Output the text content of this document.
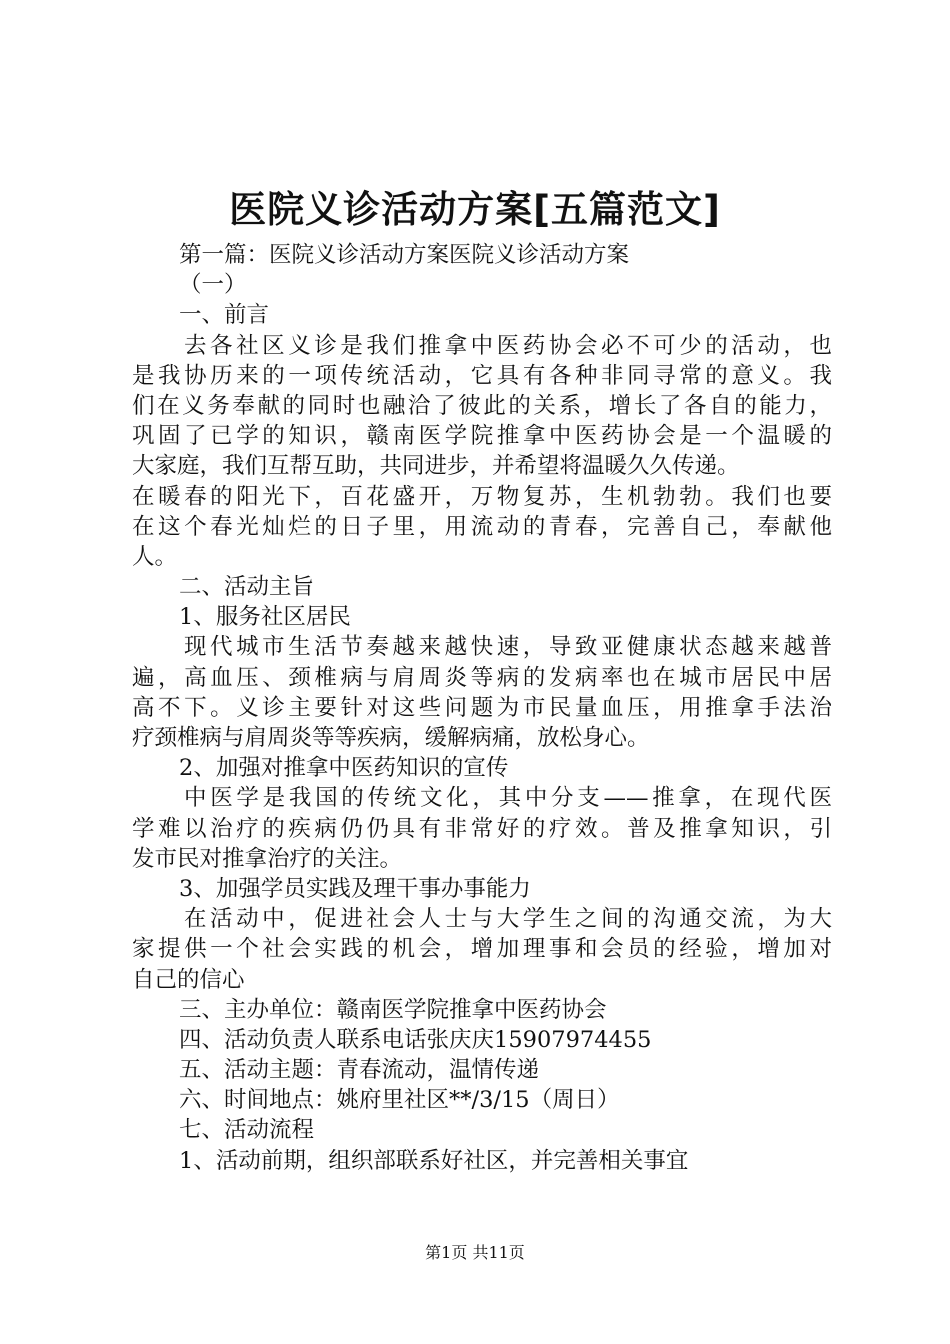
医院义诊活动方案[五篇范文]
第一篇：医院义诊活动方案医院义诊活动方案
（一）
一、前言
去各社区义诊是我们推拿中医药协会必不可少的活动，也
是我协历来的一项传统活动，它具有各种非同寻常的意义。我
们在义务奉献的同时也融洽了彼此的关系，增长了各自的能力，
巩固了已学的知识，赣南医学院推拿中医药协会是一个温暖的
大家庭，我们互帮互助，共同进步，并希望将温暖久久传递。
在暖春的阳光下，百花盛开，万物复苏，生机勃勃。我们也要
在这个春光灿烂的日子里，用流动的青春，完善自己，奉献他
人。
二、活动主旨
1、服务社区居民
现代城市生活节奏越来越快速，导致亚健康状态越来越普
遍，高血压、颈椎病与肩周炎等病的发病率也在城市居民中居
高不下。义诊主要针对这些问题为市民量血压，用推拿手法治
疗颈椎病与肩周炎等等疾病，缓解病痛，放松身心。
2、加强对推拿中医药知识的宣传
中医学是我国的传统文化，其中分支——推拿，在现代医
学难以治疗的疾病仍仍具有非常好的疗效。普及推拿知识，引
发市民对推拿治疗的关注。
3、加强学员实践及理干事办事能力
在活动中，促进社会人士与大学生之间的沟通交流，为大
家提供一个社会实践的机会，增加理事和会员的经验，增加对
自己的信心
三、主办单位：赣南医学院推拿中医药协会
四、活动负责人联系电话张庆庆15907974455
五、活动主题：青春流动，温情传递
六、时间地点：姚府里社区**/3/15（周日）
七、活动流程
1、活动前期，组织部联系好社区，并完善相关事宜
第1页 共11页
